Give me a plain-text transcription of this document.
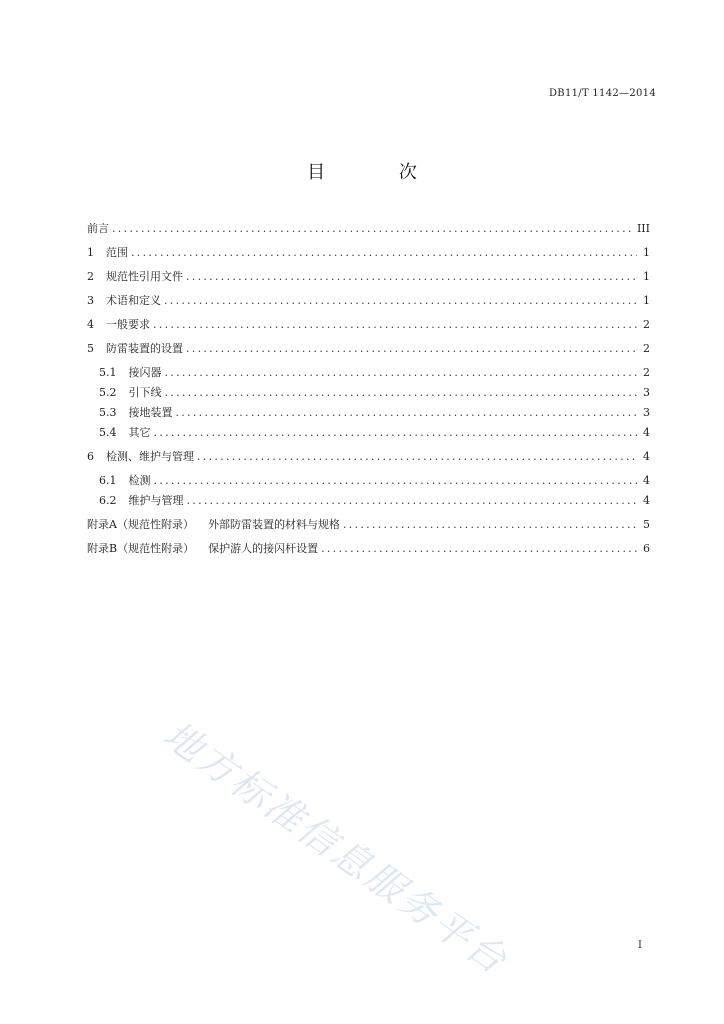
DB11/T 1142—2014
目 次
前言 .....	III
1 范围 .....	1
2 规范性引用文件 .....	1
3 术语和定义 .....	1
4 一般要求 .....	2
5 防雷装置的设置 .....	2
5.1 接闪器 .....	2
5.2 引下线 .....	3
5.3 接地装置 .....	3
5.4 其它 .....	4
6 检测、维护与管理 .....	4
6.1 检测 .....	4
6.2 维护与管理 .....	4
附录A（规范性附录） 外部防雷装置的材料与规格 .....	5
附录B（规范性附录） 保护游人的接闪杆设置 .....	6
地方标准信息服务平台	I
